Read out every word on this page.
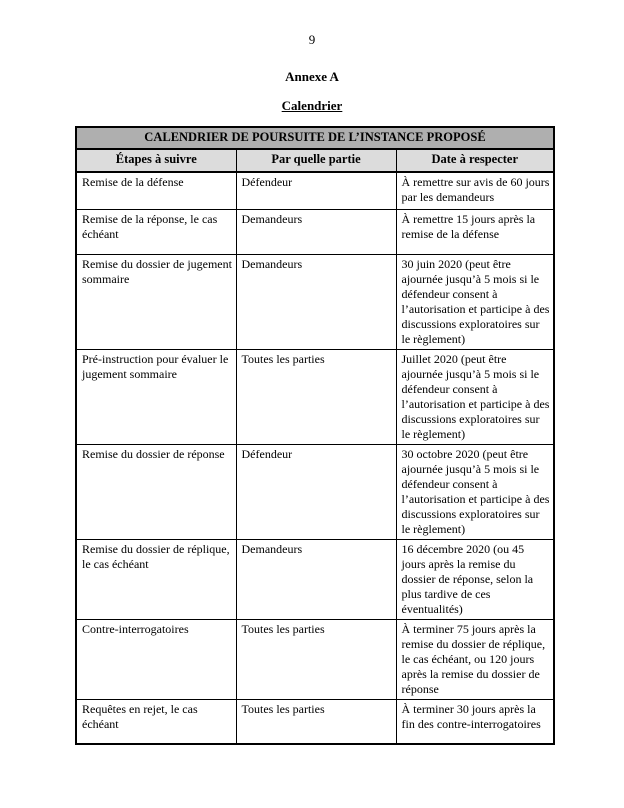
9
Annexe A
Calendrier
CALENDRIER DE POURSUITE DE L’INSTANCE PROPOSÉ		
Étapes à suivre	Par quelle partie	Date à respecter
Remise de la défense	Défendeur	À remettre sur avis de 60 jours par les demandeurs
Remise de la réponse, le cas échéant	Demandeurs	À remettre 15 jours après la remise de la défense
Remise du dossier de jugement sommaire	Demandeurs	30 juin 2020 (peut être ajournée jusqu’à 5 mois si le défendeur consent à l’autorisation et participe à des discussions exploratoires sur le règlement)
Pré-instruction pour évaluer le jugement sommaire	Toutes les parties	Juillet 2020 (peut être ajournée jusqu’à 5 mois si le défendeur consent à l’autorisation et participe à des discussions exploratoires sur le règlement)
Remise du dossier de réponse	Défendeur	30 octobre 2020 (peut être ajournée jusqu’à 5 mois si le défendeur consent à l’autorisation et participe à des discussions exploratoires sur le règlement)
Remise du dossier de réplique, le cas échéant	Demandeurs	16 décembre 2020 (ou 45 jours après la remise du dossier de réponse, selon la plus tardive de ces éventualités)
Contre-interrogatoires	Toutes les parties	À terminer 75 jours après la remise du dossier de réplique, le cas échéant, ou 120 jours après la remise du dossier de réponse
Requêtes en rejet, le cas échéant	Toutes les parties	À terminer 30 jours après la fin des contre-interrogatoires
